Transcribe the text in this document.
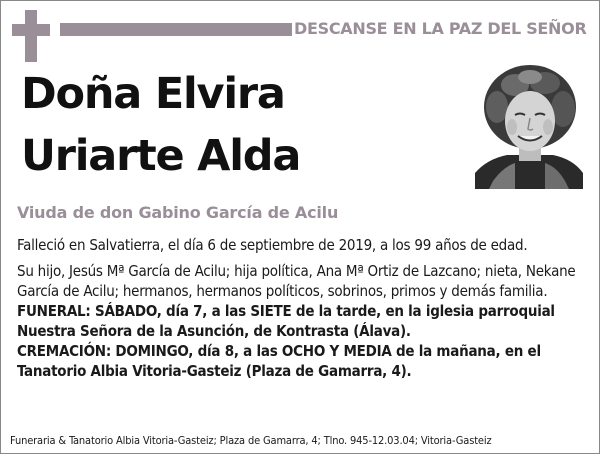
DESCANSE EN LA PAZ DEL SEÑOR
Doña Elvira
Uriarte Alda
Viuda de don Gabino García de Acilu

Falleció en Salvatierra, el día 6 de septiembre de 2019, a los 99 años de edad.

Su hijo, Jesús Mª García de Acilu; hija política, Ana Mª Ortiz de Lazcano; nieta, Nekane García de Acilu; hermanos, hermanos políticos, sobrinos, primos y demás familia.

FUNERAL: SÁBADO, día 7, a las SIETE de la tarde, en la iglesia parroquial Nuestra Señora de la Asunción, de Kontrasta (Álava).

CREMACIÓN: DOMINGO, día 8, a las OCHO Y MEDIA de la mañana, en el Tanatorio Albia Vitoria-Gasteiz (Plaza de Gamarra, 4).

Funeraria & Tanatorio Albia Vitoria-Gasteiz; Plaza de Gamarra, 4; Tlno. 945-12.03.04; Vitoria-Gasteiz
